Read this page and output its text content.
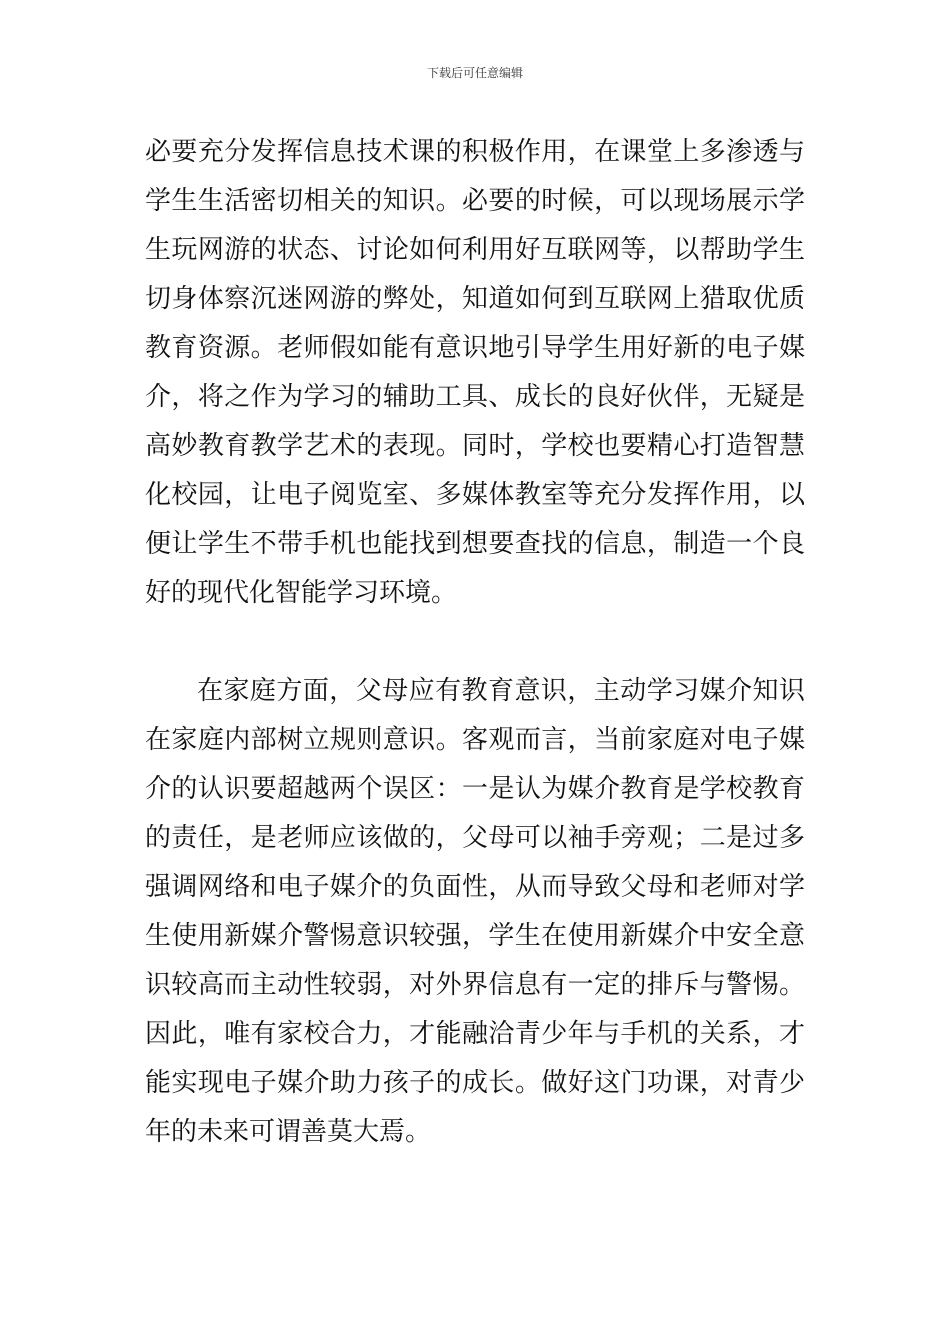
下载后可任意编辑

必要充分发挥信息技术课的积极作用，在课堂上多渗透与学生生活密切相关的知识。必要的时候，可以现场展示学生玩网游的状态、讨论如何利用好互联网等，以帮助学生切身体察沉迷网游的弊处，知道如何到互联网上猎取优质教育资源。老师假如能有意识地引导学生用好新的电子媒介，将之作为学习的辅助工具、成长的良好伙伴，无疑是高妙教育教学艺术的表现。同时，学校也要精心打造智慧化校园，让电子阅览室、多媒体教室等充分发挥作用，以便让学生不带手机也能找到想要查找的信息，制造一个良好的现代化智能学习环境。

在家庭方面，父母应有教育意识，主动学习媒介知识在家庭内部树立规则意识。客观而言，当前家庭对电子媒介的认识要超越两个误区：一是认为媒介教育是学校教育的责任，是老师应该做的，父母可以袖手旁观；二是过多强调网络和电子媒介的负面性，从而导致父母和老师对学生使用新媒介警惕意识较强，学生在使用新媒介中安全意识较高而主动性较弱，对外界信息有一定的排斥与警惕。因此，唯有家校合力，才能融洽青少年与手机的关系，才能实现电子媒介助力孩子的成长。做好这门功课，对青少年的未来可谓善莫大焉。
